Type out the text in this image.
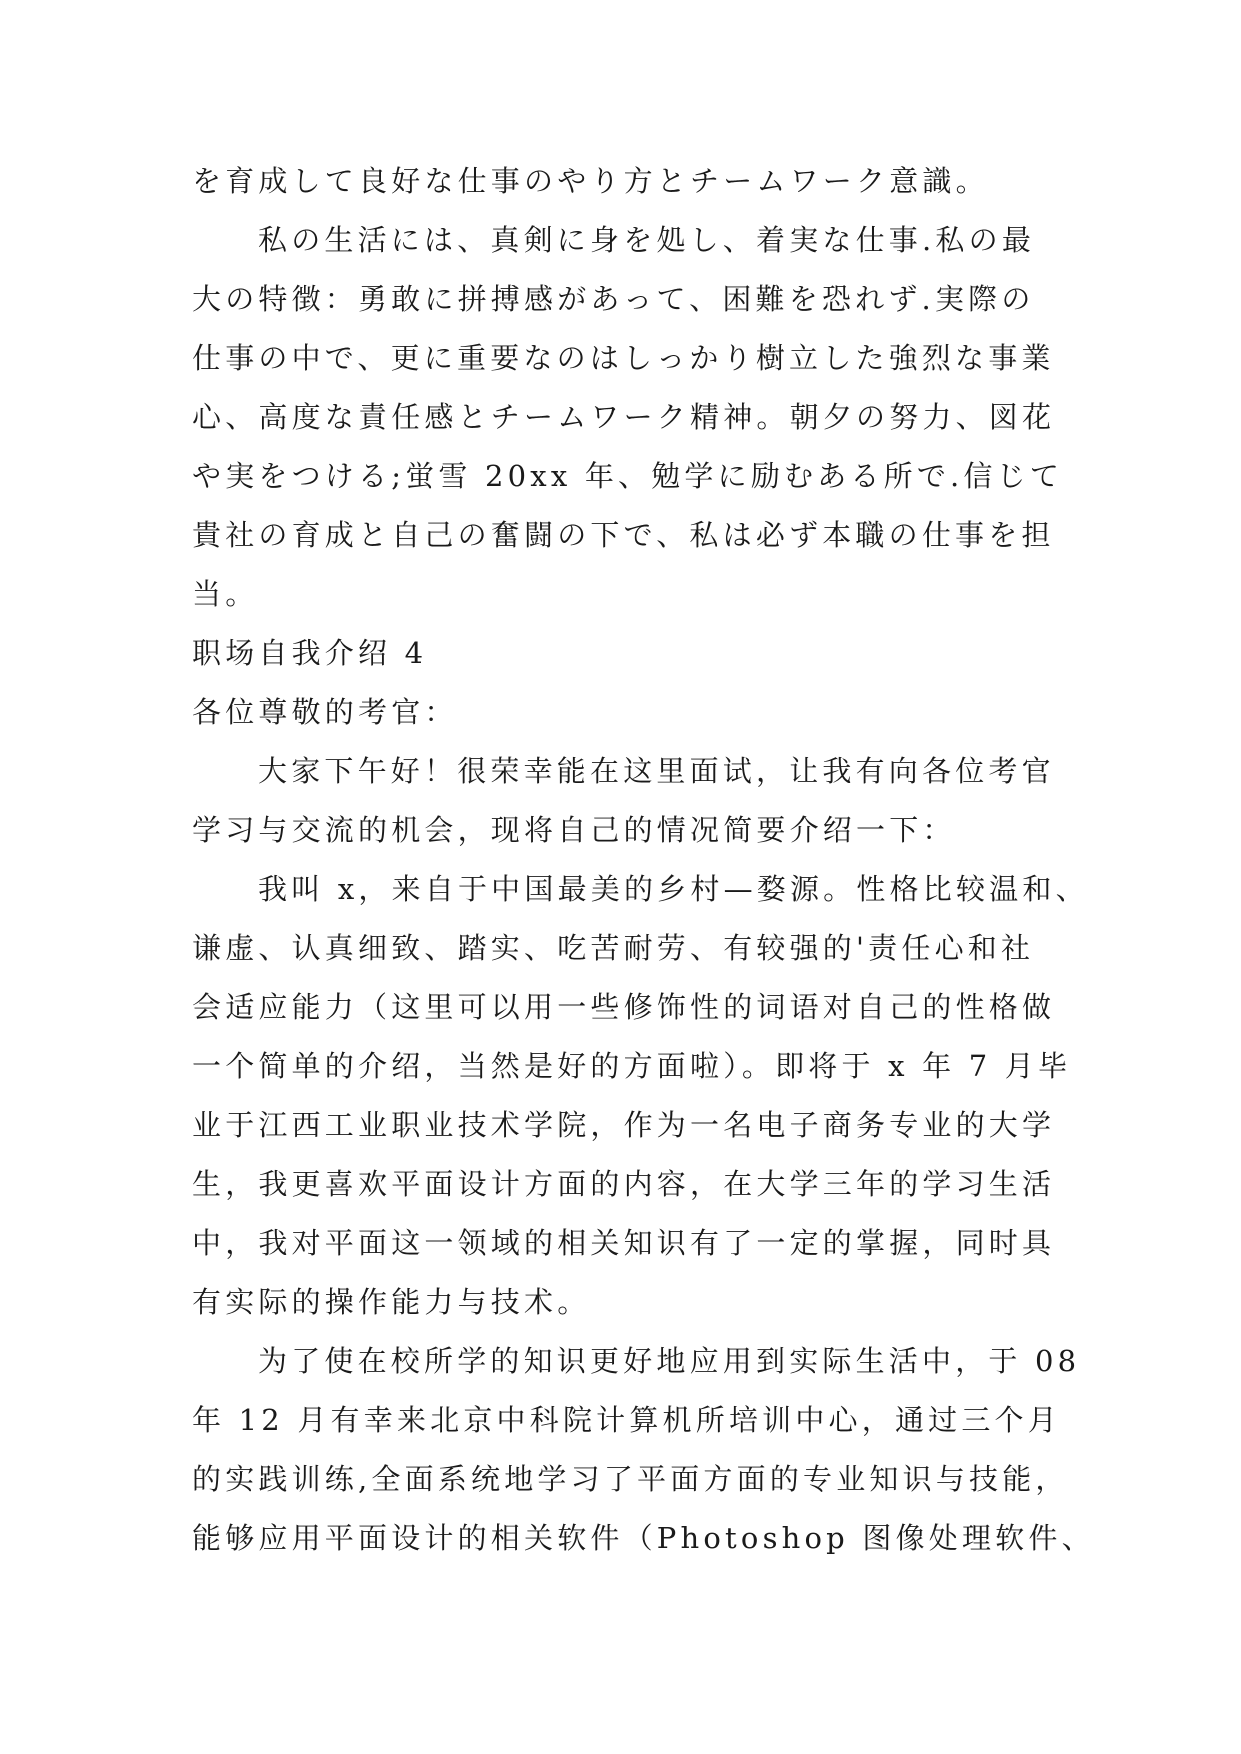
を育成して良好な仕事のやり方とチームワーク意識。
私の生活には、真剣に身を処し、着実な仕事.私の最
大の特徴：勇敢に拼搏感があって、困難を恐れず.実際の
仕事の中で、更に重要なのはしっかり樹立した強烈な事業
心、高度な責任感とチームワーク精神。朝夕の努力、図花
や実をつける;蛍雪 20xx 年、勉学に励むある所で.信じて
貴社の育成と自己の奮闘の下で、私は必ず本職の仕事を担
当。
职场自我介绍 4
各位尊敬的考官：
大家下午好！很荣幸能在这里面试，让我有向各位考官
学习与交流的机会，现将自己的情况简要介绍一下：
我叫 x，来自于中国最美的乡村—婺源。性格比较温和、
谦虚、认真细致、踏实、吃苦耐劳、有较强的'责任心和社
会适应能力（这里可以用一些修饰性的词语对自己的性格做
一个简单的介绍，当然是好的方面啦）。即将于 x 年 7 月毕
业于江西工业职业技术学院，作为一名电子商务专业的大学
生，我更喜欢平面设计方面的内容，在大学三年的学习生活
中，我对平面这一领域的相关知识有了一定的掌握，同时具
有实际的操作能力与技术。
为了使在校所学的知识更好地应用到实际生活中，于 08
年 12 月有幸来北京中科院计算机所培训中心，通过三个月
的实践训练,全面系统地学习了平面方面的专业知识与技能，
能够应用平面设计的相关软件（Photoshop 图像处理软件、
